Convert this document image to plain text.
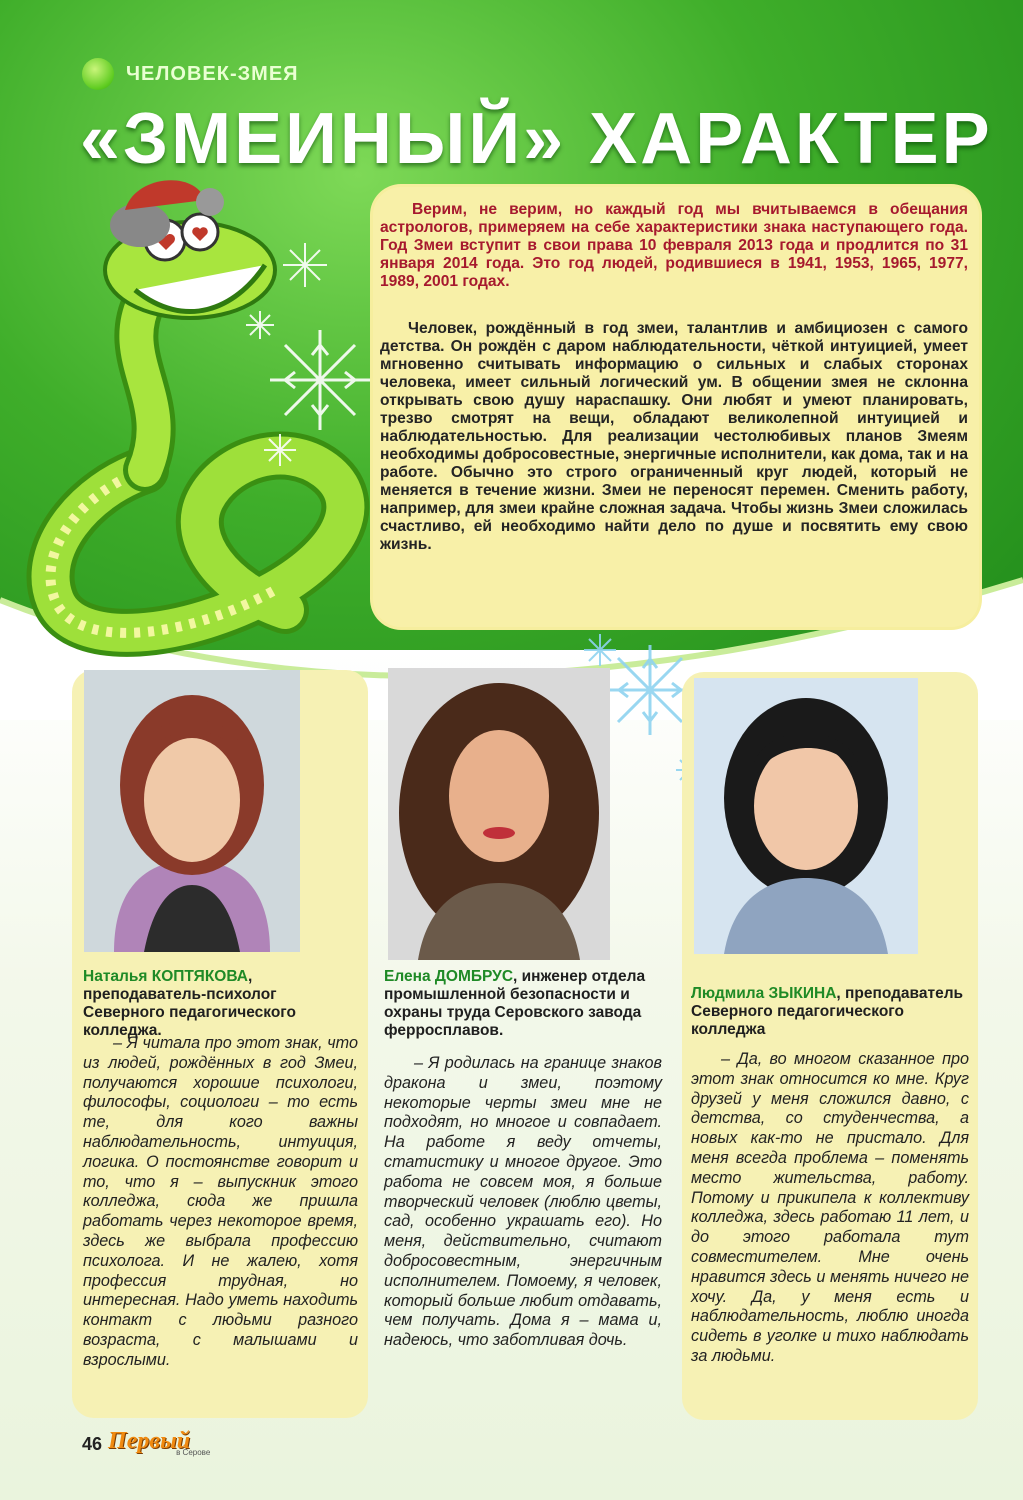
ЧЕЛОВЕК-ЗМЕЯ
«ЗМЕИНЫЙ» ХАРАКТЕР
Верим, не верим, но каждый год мы вчитываемся в обещания астрологов, примеряем на себе характеристики знака наступающего года. Год Змеи вступит в свои права 10 февраля 2013 года и продлится по 31 января 2014 года. Это год людей, родившиеся в 1941, 1953, 1965, 1977, 1989, 2001 годах.
Человек, рождённый в год змеи, талантлив и амбициозен с самого детства. Он рождён с даром наблюдательности, чёткой интуицией, умеет мгновенно считывать информацию о сильных и слабых сторонах человека, имеет сильный логический ум. В общении змея не склонна открывать свою душу нараспашку. Они любят и умеют планировать, трезво смотрят на вещи, обладают великолепной интуицией и наблюдательностью. Для реализации честолюбивых планов Змеям необходимы добросовестные, энергичные исполнители, как дома, так и на работе. Обычно это строго ограниченный круг людей, который не меняется в течение жизни. Змеи не переносят перемен. Сменить работу, например, для змеи крайне сложная задача. Чтобы жизнь Змеи сложилась счастливо, ей необходимо найти дело по душе и посвятить ему свою жизнь.
Наталья КОПТЯКОВА, преподаватель-психолог Северного педагогического колледжа.
– Я читала про этот знак, что из людей, рождённых в год Змеи, получаются хорошие психологи, философы, социологи – то есть те, для кого важны наблюдательность, интуиция, логика. О постоянстве говорит и то, что я – выпускник этого колледжа, сюда же пришла работать через некоторое время, здесь же выбрала профессию психолога. И не жалею, хотя профессия трудная, но интересная. Надо уметь находить контакт с людьми разного возраста, с малышами и взрослыми.
Елена ДОМБРУС, инженер отдела промышленной безопасности и охраны труда Серовского завода ферросплавов.
– Я родилась на границе знаков дракона и змеи, поэтому некоторые черты змеи мне не подходят, но многое и совпадает. На работе я веду отчеты, статистику и многое другое. Это работа не совсем моя, я больше творческий человек (люблю цветы, сад, особенно украшать его). Но меня, действительно, считают добросовестным, энергичным исполнителем. Помоему, я человек, который больше любит отдавать, чем получать. Дома я – мама и, надеюсь, что заботливая дочь.
Людмила ЗЫКИНА, преподаватель Северного педагогического колледжа
– Да, во многом сказанное про этот знак относится ко мне. Круг друзей у меня сложился давно, с детства, со студенчества, а новых как-то не пристало. Для меня всегда проблема – поменять место жительства, работу. Потому и прикипела к коллективу колледжа, здесь работаю 11 лет, и до этого работала тут совместителем. Мне очень нравится здесь и менять ничего не хочу. Да, у меня есть и наблюдательность, люблю иногда сидеть в уголке и тихо наблюдать за людьми.
46 Первый
в Серове
